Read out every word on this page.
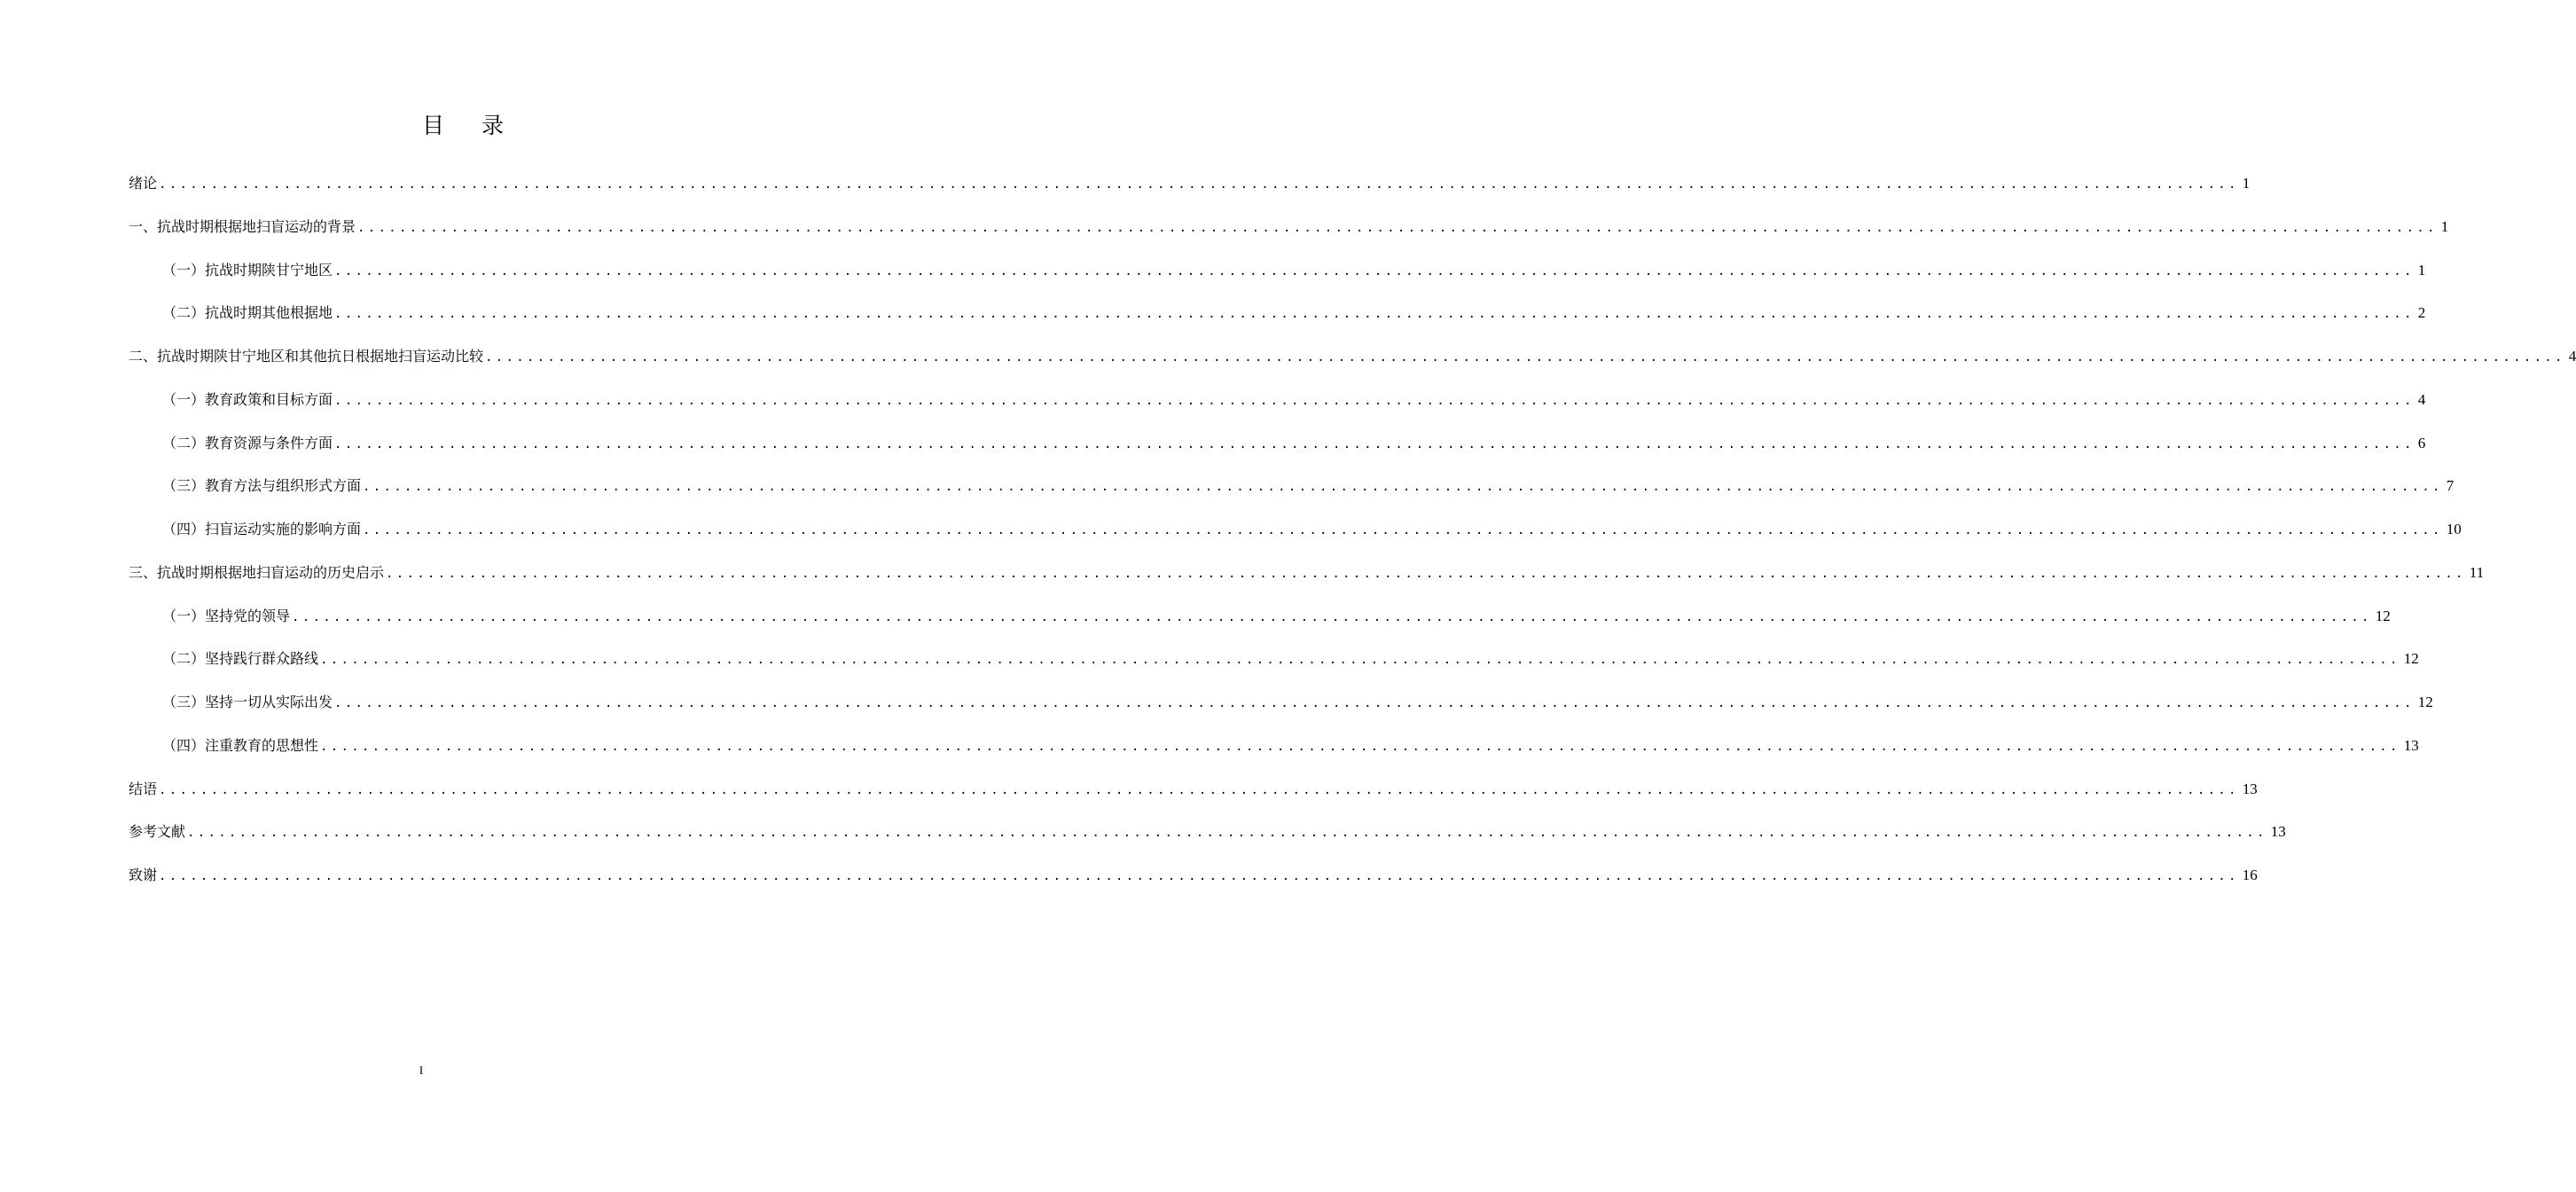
目录
绪论 ........................................................................................................................................................................................................ 1
一、抗战时期根据地扫盲运动的背景 ........................................................................................................................................................................................................ 1
（一）抗战时期陕甘宁地区 ........................................................................................................................................................................................................ 1
（二）抗战时期其他根据地 ........................................................................................................................................................................................................ 2
二、抗战时期陕甘宁地区和其他抗日根据地扫盲运动比较 ........................................................................................................................................................................................................ 4
（一）教育政策和目标方面 ........................................................................................................................................................................................................ 4
（二）教育资源与条件方面 ........................................................................................................................................................................................................ 6
（三）教育方法与组织形式方面 ........................................................................................................................................................................................................ 7
（四）扫盲运动实施的影响方面 ........................................................................................................................................................................................................ 10
三、抗战时期根据地扫盲运动的历史启示 ........................................................................................................................................................................................................ 11
（一）坚持党的领导 ........................................................................................................................................................................................................ 12
（二）坚持践行群众路线 ........................................................................................................................................................................................................ 12
（三）坚持一切从实际出发 ........................................................................................................................................................................................................ 12
（四）注重教育的思想性 ........................................................................................................................................................................................................ 13
结语 ........................................................................................................................................................................................................ 13
参考文献 ........................................................................................................................................................................................................ 13
致谢 ........................................................................................................................................................................................................ 16
I
